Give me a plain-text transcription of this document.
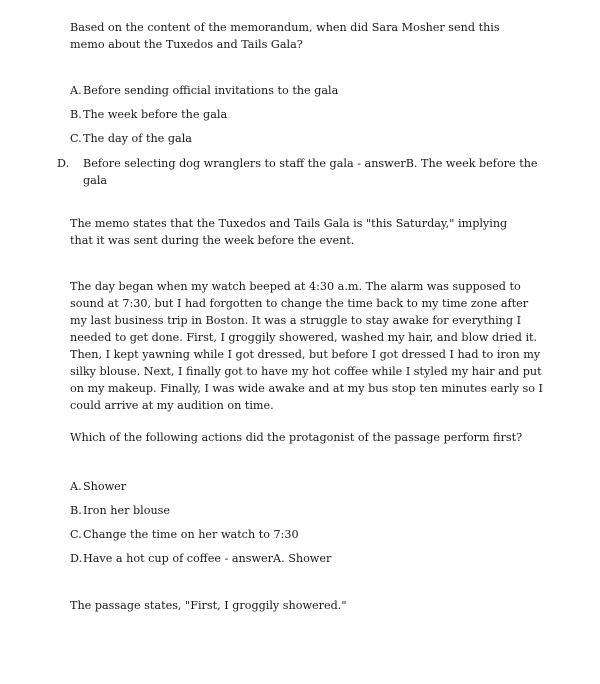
Based on the content of the memorandum, when did Sara Mosher send this memo about the Tuxedos and Tails Gala?

A.Before sending official invitations to the gala
B.The week before the gala
C.The day of the gala
D. Before selecting dog wranglers to staff the gala - answerB. The week before the gala

The memo states that the Tuxedos and Tails Gala is "this Saturday," implying that it was sent during the week before the event.

The day began when my watch beeped at 4:30 a.m. The alarm was supposed to sound at 7:30, but I had forgotten to change the time back to my time zone after my last business trip in Boston. It was a struggle to stay awake for everything I needed to get done. First, I groggily showered, washed my hair, and blow dried it. Then, I kept yawning while I got dressed, but before I got dressed I had to iron my silky blouse. Next, I finally got to have my hot coffee while I styled my hair and put on my makeup. Finally, I was wide awake and at my bus stop ten minutes early so I could arrive at my audition on time.

Which of the following actions did the protagonist of the passage perform first?

A.Shower
B.Iron her blouse
C.Change the time on her watch to 7:30
D.Have a hot cup of coffee - answerA. Shower

The passage states, "First, I groggily showered."
